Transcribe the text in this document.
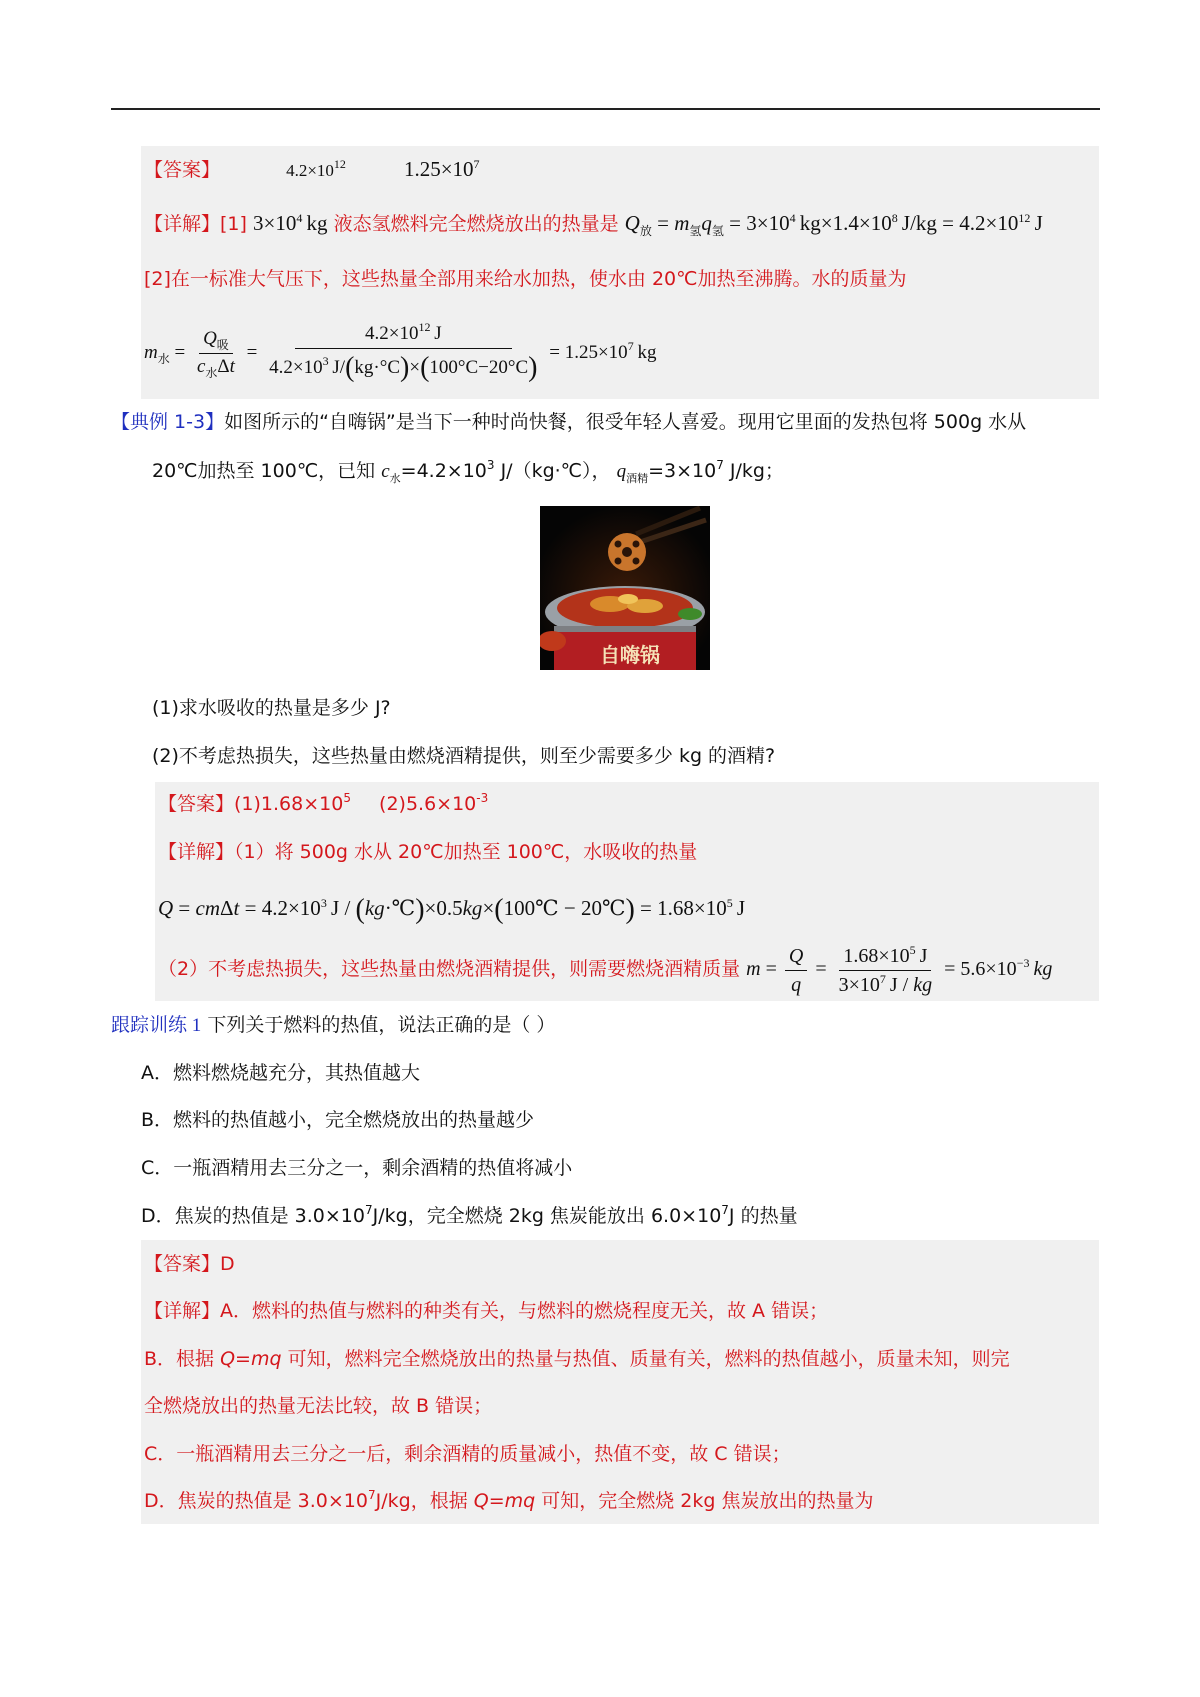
【答案】	$4.2\times 10^{12}$	$1.25\times 10^7$
【详解】[1] $3\times 10^4$ kg 液态氢燃料完全燃烧放出的热量是 $Q_放 = m_氢q_氢 = 3\times 10^4$ $kg\times 1.4\times 10^8$ $J/kg = 4.2\times 10^{12}$ J
[2]在一标准大气压下，这些热量全部用来给水加热，使水由 20℃加热至沸腾。水的质量为
$m_水 = \frac{Q_吸}{c_水\Delta t} = \frac{4.2\times 10^{12} J}{4.2\times 10^3 J/(kg\cdot^\circ C)\times(100^\circ C-20^\circ C)} = 1.25\times 10^7$ kg
【典例 1-3】如图所示的“自嗨锅”是当下一种时尚快餐，很受年轻人喜爱。现用它里面的发热包将 500g 水从
20℃加热至 100℃，已知 $c_水=4.2\times 10^3$ J/（kg·℃）， $q_{酒精}=3\times 10^7$ J/kg；
自嗨锅
(1)求水吸收的热量是多少 J?
(2)不考虑热损失，这些热量由燃烧酒精提供，则至少需要多少 kg 的酒精?
【答案】$(1)1.68\times 10^5$ $(2)5.6\times 10^{-3}$
【详解】（1）将 500g 水从 20℃加热至 100℃，水吸收的热量
$Q = cm\Delta t = 4.2\times 10^3$ J / (kg·℃)×0.5kg×(100℃ − 20℃) = $1.68\times 10^5$ J
（2）不考虑热损失，这些热量由燃烧酒精提供，则需要燃烧酒精质量 $m = \frac{Q}{q} = \frac{1.68\times 10^5 J}{3\times 10^7 J / kg} = 5.6\times 10^{-3}$  kg
跟踪训练 1 下列关于燃料的热值，说法正确的是（ ）
A．燃料燃烧越充分，其热值越大
B．燃料的热值越小，完全燃烧放出的热量越少
C．一瓶酒精用去三分之一，剩余酒精的热值将减小
D．焦炭的热值是 $3.0\times 10^7J/kg$，完全燃烧 2kg 焦炭能放出 $6.0\times 10^7J$ 的热量
【答案】D
【详解】A．燃料的热值与燃料的种类有关，与燃料的燃烧程度无关，故 A 错误；
B．根据 Q=mq 可知，燃料完全燃烧放出的热量与热值、质量有关，燃料的热值越小，质量未知，则完
全燃烧放出的热量无法比较，故 B 错误；
C．一瓶酒精用去三分之一后，剩余酒精的质量减小，热值不变，故 C 错误；
D．焦炭的热值是 $3.0\times 10^7J/kg$，根据 Q=mq 可知，完全燃烧 2kg 焦炭放出的热量为
